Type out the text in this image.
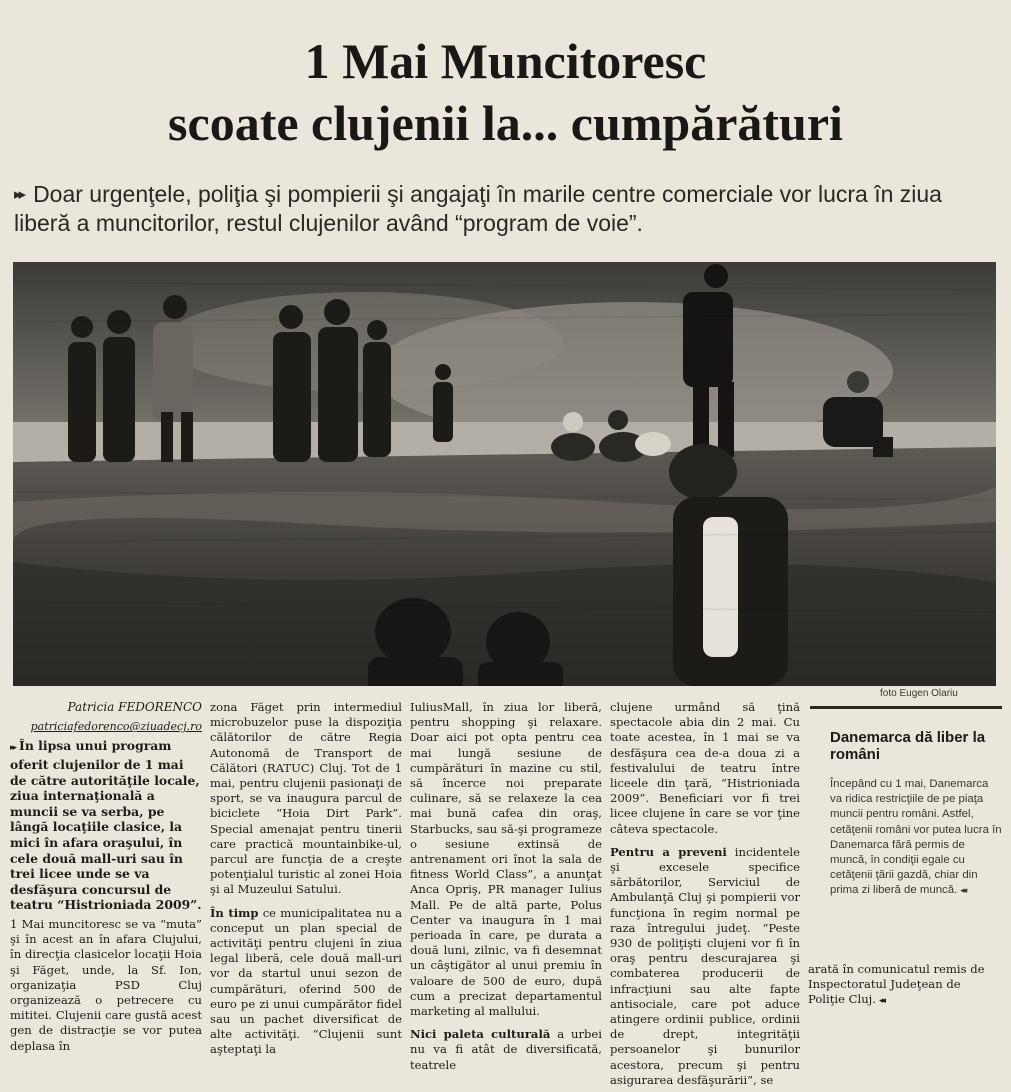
1 Mai Muncitoresc
scoate clujenii la... cumpărături
▸▸ Doar urgenţele, poliţia şi pompierii şi angajaţi în marile centre comerciale vor lucra în ziua liberă a muncitorilor, restul clujenilor având “program de voie”.
foto Eugen Olariu

Patricia FEDORENCO

patriciafedorenco@ziuadecj.ro

▸▸ În lipsa unui program oferit clujenilor de 1 mai de către autorităţile locale, ziua internaţională a muncii se va serba, pe lângă locaţiile clasice, la mici în afara oraşului, în cele două mall-uri sau în trei licee unde se va desfăşura concursul de teatru “Histrioniada 2009”.

1 Mai muncitoresc se va “muta” şi în acest an în afara Clujului, în direcţia clasicelor locaţii Hoia şi Făget, unde, la Sf. Ion, organizaţia PSD Cluj organizează o petrecere cu mititei. Clujenii care gustă acest gen de distracţie se vor putea deplasa în

zona Făget prin intermediul microbuzelor puse la dispoziţia călătorilor de către Regia Autonomă de Transport de Călători (RATUC) Cluj. Tot de 1 mai, pentru clujenii pasionaţi de sport, se va inaugura parcul de biciclete “Hoia Dirt Park”. Special amenajat pentru tinerii care practică mountainbike-ul, parcul are funcţia de a creşte potenţialul turistic al zonei Hoia şi al Muzeului Satului.

În timp ce municipalitatea nu a conceput un plan special de activităţi pentru clujeni în ziua legal liberă, cele două mall-uri vor da startul unui sezon de cumpărături, oferind 500 de euro pe zi unui cumpărător fidel sau un pachet diversificat de alte activităţi. “Clujenii sunt aşteptaţi la

IuliusMall, în ziua lor liberă, pentru shopping şi relaxare. Doar aici pot opta pentru cea mai lungă sesiune de cumpărături în mazine cu stil, să încerce noi preparate culinare, să se relaxeze la cea mai bună cafea din oraş, Starbucks, sau să-şi programeze o sesiune extinsă de antrenament ori înot la sala de fitness World Class”, a anunţat Anca Opriş, PR manager Iulius Mall. Pe de altă parte, Polus Center va inaugura în 1 mai perioada în care, pe durata a două luni, zilnic, va fi desemnat un câştigător al unui premiu în valoare de 500 de euro, după cum a precizat departamentul marketing al mallului.

Nici paleta culturală a urbei nu va fi atât de diversificată, teatrele

clujene urmând să ţină spectacole abia din 2 mai. Cu toate acestea, în 1 mai se va desfăşura cea de-a doua zi a festivalului de teatru între liceele din ţară, “Histrioniada 2009”. Beneficiari vor fi trei licee clujene în care se vor ţine câteva spectacole.

Pentru a preveni incidentele şi excesele specifice sărbătorilor, Serviciul de Ambulanţă Cluj şi pompierii vor funcţiona în regim normal pe raza întregului judeţ. “Peste 930 de poliţişti clujeni vor fi în oraş pentru descurajarea şi combaterea producerii de infracţiuni sau alte fapte antisociale, care pot aduce atingere ordinii publice, ordinii de drept, integrităţii persoanelor şi bunurilor acestora, precum şi pentru asigurarea desfăşurării”, se

Danemarca dă liber la români
Începând cu 1 mai, Danemarca va ridica restricţiile de pe piaţa muncii pentru români. Astfel, cetăţenii români vor putea lucra în Danemarca fără permis de muncă, în condiţii egale cu cetăţenii ţării gazdă, chiar din prima zi liberă de muncă. ◂◂

arată în comunicatul remis de Inspectoratul Judeţean de Poliţie Cluj. ◂◂
